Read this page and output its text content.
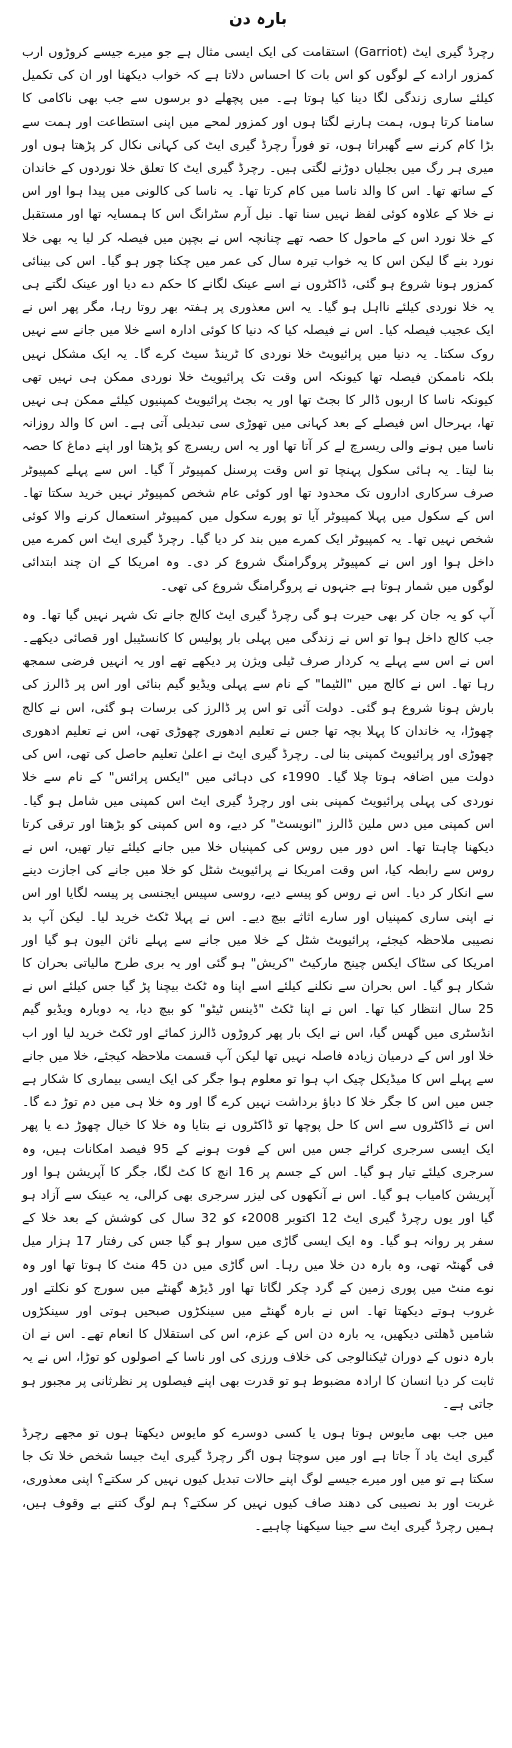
بارہ دن

رچرڈ گیری ایٹ (Garriot) استقامت کی ایک ایسی مثال ہے جو میرے جیسے کروڑوں ارب کمزور ارادے کے لوگوں کو اس بات کا احساس دلاتا ہے کہ خواب دیکھنا اور ان کی تکمیل کیلئے ساری زندگی لگا دینا کیا ہوتا ہے۔ میں پچھلے دو برسوں سے جب بھی ناکامی کا سامنا کرتا ہوں، ہمت ہارنے لگتا ہوں اور کمزور لمحے میں اپنی استطاعت اور ہمت سے بڑا کام کرنے سے گھبراتا ہوں، تو فوراً رچرڈ گیری ایٹ کی کہانی نکال کر پڑھتا ہوں اور میری ہر رگ میں بجلیاں دوڑنے لگتی ہیں۔ رچرڈ گیری ایٹ کا تعلق خلا نوردوں کے خاندان کے ساتھ تھا۔ اس کا والد ناسا میں کام کرتا تھا۔ یہ ناسا کی کالونی میں پیدا ہوا اور اس نے خلا کے علاوہ کوئی لفظ نہیں سنا تھا۔ نیل آرم سٹرانگ اس کا ہمسایہ تھا اور مستقبل کے خلا نورد اس کے ماحول کا حصہ تھے چنانچہ اس نے بچپن میں فیصلہ کر لیا یہ بھی خلا نورد بنے گا لیکن اس کا یہ خواب تیرہ سال کی عمر میں چکنا چور ہو گیا۔ اس کی بینائی کمزور ہونا شروع ہو گئی، ڈاکٹروں نے اسے عینک لگانے کا حکم دے دیا اور عینک لگتے ہی یہ خلا نوردی کیلئے نااہل ہو گیا۔ یہ اس معذوری پر ہفتہ بھر روتا رہا، مگر پھر اس نے ایک عجیب فیصلہ کیا۔ اس نے فیصلہ کیا کہ دنیا کا کوئی ادارہ اسے خلا میں جانے سے نہیں روک سکتا۔ یہ دنیا میں پرائیویٹ خلا نوردی کا ٹرینڈ سیٹ کرے گا۔ یہ ایک مشکل نہیں بلکہ ناممکن فیصلہ تھا کیونکہ اس وقت تک پرائیویٹ خلا نوردی ممکن ہی نہیں تھی کیونکہ ناسا کا اربوں ڈالر کا بجٹ تھا اور یہ بجٹ پرائیویٹ کمپنیوں کیلئے ممکن ہی نہیں تھا، بہرحال اس فیصلے کے بعد کہانی میں تھوڑی سی تبدیلی آتی ہے۔ اس کا والد روزانہ ناسا میں ہونے والی ریسرچ لے کر آتا تھا اور یہ اس ریسرچ کو پڑھتا اور اپنے دماغ کا حصہ بنا لیتا۔ یہ ہائی سکول پہنچا تو اس وقت پرسنل کمپیوٹر آ گیا۔ اس سے پہلے کمپیوٹر صرف سرکاری اداروں تک محدود تھا اور کوئی عام شخص کمپیوٹر نہیں خرید سکتا تھا۔ اس کے سکول میں پہلا کمپیوٹر آیا تو پورے سکول میں کمپیوٹر استعمال کرنے والا کوئی شخص نہیں تھا۔ یہ کمپیوٹر ایک کمرے میں بند کر دیا گیا۔ رچرڈ گیری ایٹ اس کمرے میں داخل ہوا اور اس نے کمپیوٹر پروگرامنگ شروع کر دی۔ وہ امریکا کے ان چند ابتدائی لوگوں میں شمار ہوتا ہے جنہوں نے پروگرامنگ شروع کی تھی۔

آپ کو یہ جان کر بھی حیرت ہو گی رچرڈ گیری ایٹ کالج جانے تک شہر نہیں گیا تھا۔ وہ جب کالج داخل ہوا تو اس نے زندگی میں پہلی بار پولیس کا کانسٹیبل اور قصائی دیکھے۔ اس نے اس سے پہلے یہ کردار صرف ٹیلی ویژن پر دیکھے تھے اور یہ انہیں فرضی سمجھ رہا تھا۔ اس نے کالج میں "الٹیما" کے نام سے پہلی ویڈیو گیم بنائی اور اس پر ڈالرز کی بارش ہونا شروع ہو گئی۔ دولت آئی تو اس پر ڈالرز کی برسات ہو گئی، اس نے کالج چھوڑا، یہ خاندان کا پہلا بچہ تھا جس نے تعلیم ادھوری چھوڑی تھی، اس نے تعلیم ادھوری چھوڑی اور پرائیویٹ کمپنی بنا لی۔ رچرڈ گیری ایٹ نے اعلیٰ تعلیم حاصل کی تھی، اس کی دولت میں اضافہ ہوتا چلا گیا۔ 1990ء کی دہائی میں "ایکس پرائس" کے نام سے خلا نوردی کی پہلی پرائیویٹ کمپنی بنی اور رچرڈ گیری ایٹ اس کمپنی میں شامل ہو گیا۔ اس کمپنی میں دس ملین ڈالرز "انویسٹ" کر دیے، وہ اس کمپنی کو بڑھتا اور ترقی کرتا دیکھنا چاہتا تھا۔ اس دور میں روس کی کمپنیاں خلا میں جانے کیلئے تیار تھیں، اس نے روس سے رابطہ کیا، اس وقت امریکا نے پرائیویٹ شٹل کو خلا میں جانے کی اجازت دینے سے انکار کر دیا۔ اس نے روس کو پیسے دیے، روسی سپیس ایجنسی پر پیسہ لگایا اور اس نے اپنی ساری کمپنیاں اور سارے اثاثے بیچ دیے۔ اس نے پہلا ٹکٹ خرید لیا۔ لیکن آپ بد نصیبی ملاحظہ کیجئے، پرائیویٹ شٹل کے خلا میں جانے سے پہلے نائن الیون ہو گیا اور امریکا کی سٹاک ایکس چینج مارکیٹ "کریش" ہو گئی اور یہ بری طرح مالیاتی بحران کا شکار ہو گیا۔ اس بحران سے نکلنے کیلئے اسے اپنا وہ ٹکٹ بیچنا پڑ گیا جس کیلئے اس نے 25 سال انتظار کیا تھا۔ اس نے اپنا ٹکٹ "ڈینس ٹیٹو" کو بیچ دیا، یہ دوبارہ ویڈیو گیم انڈسٹری میں گھس گیا، اس نے ایک بار پھر کروڑوں ڈالرز کمائے اور ٹکٹ خرید لیا اور اب خلا اور اس کے درمیان زیادہ فاصلہ نہیں تھا لیکن آپ قسمت ملاحظہ کیجئے، خلا میں جانے سے پہلے اس کا میڈیکل چیک اپ ہوا تو معلوم ہوا جگر کی ایک ایسی بیماری کا شکار ہے جس میں اس کا جگر خلا کا دباؤ برداشت نہیں کرے گا اور وہ خلا ہی میں دم توڑ دے گا۔ اس نے ڈاکٹروں سے اس کا حل پوچھا تو ڈاکٹروں نے بتایا وہ خلا کا خیال چھوڑ دے یا پھر ایک ایسی سرجری کرائے جس میں اس کے فوت ہونے کے 95 فیصد امکانات ہیں، وہ سرجری کیلئے تیار ہو گیا۔ اس کے جسم پر 16 انچ کا کٹ لگا، جگر کا آپریشن ہوا اور آپریشن کامیاب ہو گیا۔ اس نے آنکھوں کی لیزر سرجری بھی کرالی، یہ عینک سے آزاد ہو گیا اور یوں رچرڈ گیری ایٹ 12 اکتوبر 2008ء کو 32 سال کی کوشش کے بعد خلا کے سفر پر روانہ ہو گیا۔ وہ ایک ایسی گاڑی میں سوار ہو گیا جس کی رفتار 17 ہزار میل فی گھنٹہ تھی، وہ بارہ دن خلا میں رہا۔ اس گاڑی میں دن 45 منٹ کا ہوتا تھا اور وہ نوے منٹ میں پوری زمین کے گرد چکر لگاتا تھا اور ڈیڑھ گھنٹے میں سورج کو نکلتے اور غروب ہوتے دیکھتا تھا۔ اس نے بارہ گھنٹے میں سینکڑوں صبحیں ہوتی اور سینکڑوں شامیں ڈھلتی دیکھیں، یہ بارہ دن اس کے عزم، اس کی استقلال کا انعام تھے۔ اس نے ان بارہ دنوں کے دوران ٹیکنالوجی کی خلاف ورزی کی اور ناسا کے اصولوں کو توڑا، اس نے یہ ثابت کر دیا انسان کا ارادہ مضبوط ہو تو قدرت بھی اپنے فیصلوں پر نظرثانی پر مجبور ہو جاتی ہے۔

میں جب بھی مایوس ہوتا ہوں یا کسی دوسرے کو مایوس دیکھتا ہوں تو مجھے رچرڈ گیری ایٹ یاد آ جاتا ہے اور میں سوچتا ہوں اگر رچرڈ گیری ایٹ جیسا شخص خلا تک جا سکتا ہے تو میں اور میرے جیسے لوگ اپنے حالات تبدیل کیوں نہیں کر سکتے؟ اپنی معذوری، غربت اور بد نصیبی کی دھند صاف کیوں نہیں کر سکتے؟ ہم لوگ کتنے بے وقوف ہیں، ہمیں رچرڈ گیری ایٹ سے جینا سیکھنا چاہیے۔
